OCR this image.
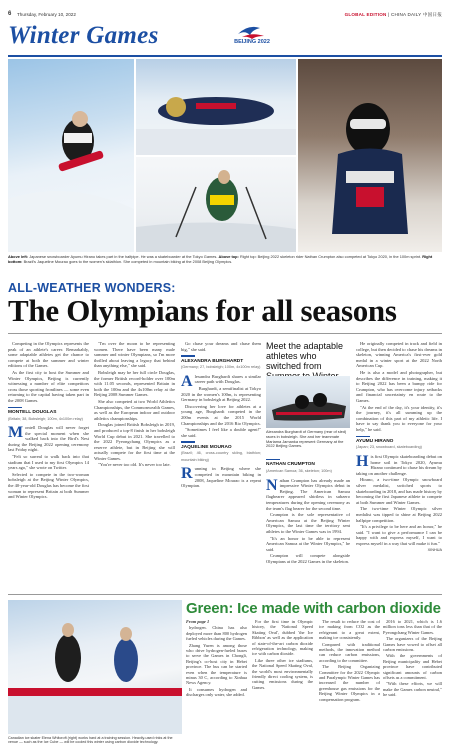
6 Thursday, February 10, 2022	GLOBAL EDITION | CHINA DAILY 中国日报
Winter Games	BEIJING 2022
Above left: Japanese snowboarder Ayumu Hirano takes part in the halfpipe. He was a skateboarder at the Tokyo Games. Above top: Right top: Beijing 2022 skeleton rider Nathan Crumpton also competed at Tokyo 2020, in the 100m sprint. Right bottom: Brazil's Jaqueline Mourao goes to the women's skiathlon. She competed in mountain biking at the 2008 Beijing Olympics.
ALL-WEATHER WONDERS:
The Olympians for all seasons

Competing in the Olympics represents the peak of an athlete's career. Remarkably, some adaptable athletes get the chance to compete at both the summer and winter editions of the Games.

As the first city to host the Summer and Winter Olympics, Beijing is currently witnessing a number of elite competitors cross those sporting frontlines — some even returning to the capital having taken part in the 2008 Games.

MONTELL DOUGLAS
(Britain; 38, Bobsleigh; 100m, 4x100m relay)

Montell Douglas will never forget the special moment when she walked back into the Bird's Nest during the Beijing 2022 opening ceremony last Friday night.

"Felt so surreal to walk back into that stadium that I used to my first Olympics 14 years ago," she wrote on Twitter.

Selected to compete in the two-woman bobsleigh at the Beijing Winter Olympics, the 40-year-old Douglas has become the first woman to represent Britain at both Summer and Winter Olympics.

"I'm over the moon to be representing women. There have been many male summer and winter Olympians, so I'm more thrilled about leaving a legacy that behind than anything else," she said.

Bobsleigh may be her full circle Douglas, the former British record-holder over 100m with 11.05 seconds, represented Britain in both the 100m and the 4x100m relay at the Beijing 2008 Summer Games.

She also competed at two World Athletics Championships, the Commonwealth Games, as well as the European indoor and outdoor athletics championships.

Douglas joined British Bobsleigh in 2019, and produced a top-8 finish in her bobsleigh World Cup debut in 2021. She travelled to the 2022 Pyeongchang Olympics as a reserve athlete, but in Beijing she will actually compete for the first time at the Winter Games.

"You're never too old. It's never too late.

Go chase your dreams and chase them big," she said.

ALEXANDRA BURGHARDT
(Germany; 27, bobsleigh; 100m, 4x100m relay)

Alexandra Burghardt shares a similar career path with Douglas.

Burghardt, a semifinalist at Tokyo 2020 in the women's 100m, is representing Germany in bobsleigh at Beijing 2022.

Discovering her love for athletes at a young age, Burghardt competed in the 200m events at the 2015 World Championships and the 2016 Rio Olympics.

"Sometimes I feel like a double agent!" she said.

JAQUELINE MOURAO
(Brazil; 46, cross-country skiing, biathlon; mountain biking)

Running in Beijing where she competed in mountain biking in 2008, Jaqueline Mourao is a repeat Olympian.

Meet the adaptable athletes who switched from
Alexandra Burghardt of Germany (rear of sled) races in bobsleigh. She and her teammate Mariama Jamanka represent Germany at the 2022 Beijing Games.
NATHAN CRUMPTON
(American Samoa; 36, skeleton; 100m)

Nathan Crumpton has already made an impressive Winter Olympics debut in Beijing. The American Samoa flagbearer appeared shirtless in subzero temperatures during the opening ceremony as the team's flag bearer for the second time.

Crumpton is the sole representative of American Samoa at the Beijing Winter Olympics, the last time the territory sent athletes to the Winter Games was in 1994.

"It's an honor to be able to represent American Samoa at the Winter Olympics," he said.

Crumpton will compete alongside Olympians at the 2022 Games in the skeleton.

He originally competed in track and field in college, but then decided to chase his dreams in skeleton, winning America's first-ever gold medal in a winter sport at the 2022 North American Cup.

He is also a model and photographer, but describes the difference in training, making it to Beijing 2022 has been a bumpy ride for Crumpton, who has overcome injury setbacks and financial uncertainty en route to the Games.

"At the end of the day, it's your identity, it's the journey, it's all summing up the combination of this part of my athletic life. I have to say thank you to everyone for your help," he said.

AYUMU HIRANO
(Japan; 23, snowboard, skateboarding)

His first Olympic skateboarding debut on home soil in Tokyo 2020, Ayumu Hirano continued to chase his dream by taking on another challenge.

Hirano, a two-time Olympic snowboard silver medalist, switched sports to skateboarding in 2018, and has made history by becoming the first Japanese athlete to compete at both Summer and Winter Games.

The two-time Winter Olympic silver medalist was tipped to shine at Beijing 2022 halfpipe competition.

"It's a privilege to be here and an honor," he said. "I want to give a performance I can be happy with and express myself, I want to express myself in a way that will make it fun."

XINHUA

Canadian ice skater Elena Whitcroft (right) works hard at a training session. Heavily-used rinks at the venue — such as the Ice Cube — will be cooled this winter using carbon dioxide technology.
Green: Ice made with carbon dioxide

From page 1

hydrogen. China has also deployed more than 800 hydrogen fueled vehicles during the Games.

Zhang Yuren is among those who drive hydrogen-fueled buses to serve the Games in Chongli, Beijing's co-host city in Hebei province. The bus can be started even when the temperature is minus 30 C, according to Xinhua News Agency.

It consumes hydrogen and discharges only water, she added.

For the first time in Olympic history, the 'National Speed Skating Oval', dubbed 'the Ice Ribbon' as well as the application of state-of-the-art carbon dioxide refrigeration technology, making ice with carbon dioxide.

Like three other ice stadiums, the National Speed Skating Oval, the world's most environmentally friendly direct cooling system, is cutting emissions during the Games.

The result to reduce the cost of ice making from CO2 as the refrigerant to a great extent, making ice consistently.

Compared with traditional methods, the innovation method can reduce carbon emissions, according to the committee.

The Beijing Organizing Committee for the 2022 Olympic and Paralympic Winter Games has increased the number of greenhouse gas emissions for the Beijing Winter Olympics in a compensation program.

2016 to 2021, which is 1.6 million tons less than that of the Pyeongchang Winter Games.

The organizers of the Beijing Games have vowed to offset all carbon emissions.

With the governments of Beijing municipality and Hebei province have contributed significant amounts of carbon offsets as a commitment.

"With these efforts, we will make the Games carbon neutral," he said.
